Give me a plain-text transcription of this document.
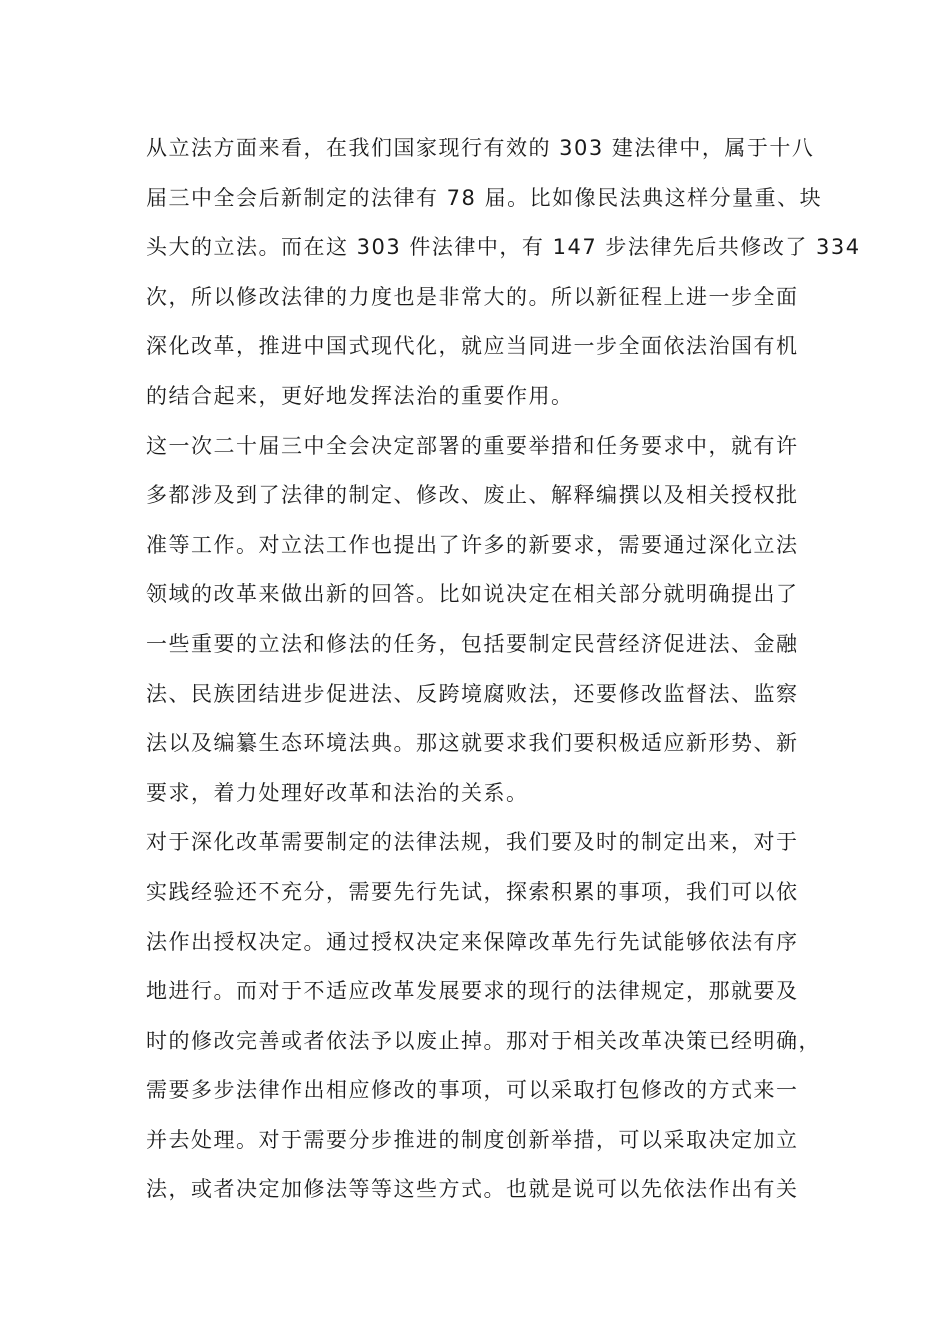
从立法方面来看，在我们国家现行有效的 303 建法律中，属于十八
届三中全会后新制定的法律有 78 届。比如像民法典这样分量重、块
头大的立法。而在这 303 件法律中，有 147 步法律先后共修改了 334
次，所以修改法律的力度也是非常大的。所以新征程上进一步全面
深化改革，推进中国式现代化，就应当同进一步全面依法治国有机
的结合起来，更好地发挥法治的重要作用。
这一次二十届三中全会决定部署的重要举措和任务要求中，就有许
多都涉及到了法律的制定、修改、废止、解释编撰以及相关授权批
准等工作。对立法工作也提出了许多的新要求，需要通过深化立法
领域的改革来做出新的回答。比如说决定在相关部分就明确提出了
一些重要的立法和修法的任务，包括要制定民营经济促进法、金融
法、民族团结进步促进法、反跨境腐败法，还要修改监督法、监察
法以及编纂生态环境法典。那这就要求我们要积极适应新形势、新
要求，着力处理好改革和法治的关系。
对于深化改革需要制定的法律法规，我们要及时的制定出来，对于
实践经验还不充分，需要先行先试，探索积累的事项，我们可以依
法作出授权决定。通过授权决定来保障改革先行先试能够依法有序
地进行。而对于不适应改革发展要求的现行的法律规定，那就要及
时的修改完善或者依法予以废止掉。那对于相关改革决策已经明确，
需要多步法律作出相应修改的事项，可以采取打包修改的方式来一
并去处理。对于需要分步推进的制度创新举措，可以采取决定加立
法，或者决定加修法等等这些方式。也就是说可以先依法作出有关
